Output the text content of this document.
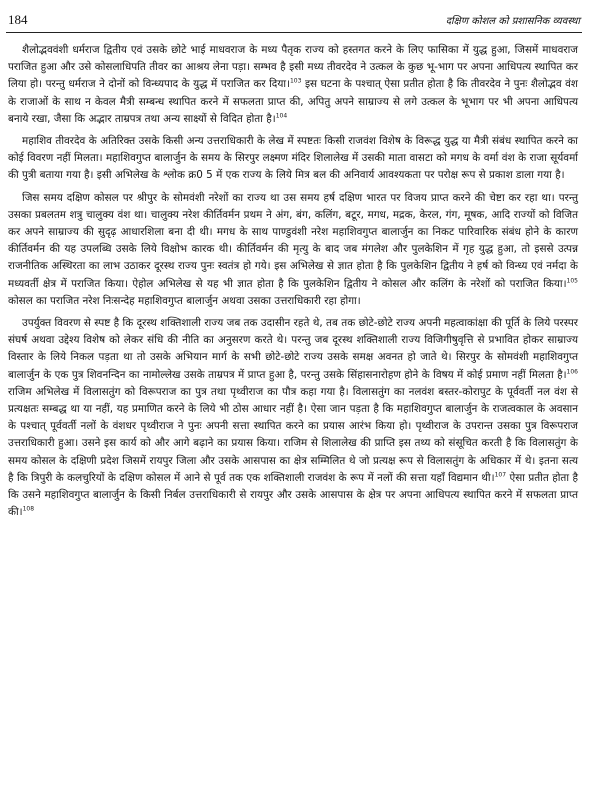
184	दक्षिण कोशल को प्रशासनिक व्यवस्था

शैलोद्भववंशी धर्मराज द्वितीय एवं उसके छोटे भाई माधवराज के मध्य पैतृक राज्य को हस्तगत करने के लिए फासिका में युद्ध हुआ, जिसमें माधवराज पराजित हुआ और उसे कोसलाधिपति तीवर का आश्रय लेना पड़ा। सम्भव है इसी मध्य तीवरदेव ने उत्कल के कुछ भू-भाग पर अपना आधिपत्य स्थापित कर लिया हो। परन्तु धर्मराज ने दोनों को विन्ध्यपाद के युद्ध में पराजित कर दिया।$^{103}$ इस घटना के पश्चात् ऐसा प्रतीत होता है कि तीवरदेव ने पुनः शैलोद्भव वंश के राजाओं के साथ न केवल मैत्री सम्बन्ध स्थापित करने में सफलता प्राप्त की, अपितु अपने साम्राज्य से लगे उत्कल के भूभाग पर भी अपना आधिपत्य बनाये रखा, जैसा कि अद्भार ताम्रपत्र तथा अन्य साक्ष्यों से विदित होता है।$^{104}$

महाशिव तीवरदेव के अतिरिक्त उसके किसी अन्य उत्तराधिकारी के लेख में स्पष्टतः किसी राजवंश विशेष के विरूद्ध युद्ध या मैत्री संबंध स्थापित करने का कोई विवरण नहीं मिलता। महाशिवगुप्त बालार्जुन के समय के सिरपुर लक्ष्मण मंदिर शिलालेख में उसकी माता वासटा को मगध के वर्मा वंश के राजा सूर्यवर्मा की पुत्री बताया गया है। इसी अभिलेख के श्लोक क्र0 5 में एक राज्य के लिये मित्र बल की अनिवार्य आवश्यकता पर परोक्ष रूप से प्रकाश डाला गया है।

जिस समय दक्षिण कोसल पर श्रीपुर के सोमवंशी नरेशों का राज्य था उस समय हर्ष दक्षिण भारत पर विजय प्राप्त करने की चेष्टा कर रहा था। परन्तु उसका प्रबलतम शत्रु चालुक्य वंश था। चालुक्य नरेश कीर्तिवर्मन प्रथम ने अंग, बंग, कलिंग, बटूर, मगध, मद्रक, केरल, गंग, मूषक, आदि राज्यों को विजित कर अपने साम्राज्य की सुदृढ़ आधारशिला बना दी थी। मगध के साथ पाण्डुवंशी नरेश महाशिवगुप्त बालार्जुन का निकट पारिवारिक संबंध होने के कारण कीर्तिवर्मन की यह उपलब्धि उसके लिये विक्षोभ कारक थी। कीर्तिवर्मन की मृत्यु के बाद जब मंगलेश और पुलकेशिन में गृह युद्ध हुआ, तो इससे उत्पन्न राजनीतिक अस्थिरता का लाभ उठाकर दूरस्थ राज्य पुनः स्वतंत्र हो गये। इस अभिलेख से ज्ञात होता है कि पुलकेशिन द्वितीय ने हर्ष को विन्ध्य एवं नर्मदा के मध्यवर्ती क्षेत्र में पराजित किया। ऐहोल अभिलेख से यह भी ज्ञात होता है कि पुलकेशिन द्वितीय ने कोसल और कलिंग के नरेशों को पराजित किया।$^{105}$ कोसल का पराजित नरेश निःसन्देह महाशिवगुप्त बालार्जुन अथवा उसका उत्तराधिकारी रहा होगा।

उपर्युक्त विवरण से स्पष्ट है कि दूरस्थ शक्तिशाली राज्य जब तक उदासीन रहते थे, तब तक छोटे-छोटे राज्य अपनी महत्वाकांक्षा की पूर्ति के लिये परस्पर संघर्ष अथवा उद्देश्य विशेष को लेकर संधि की नीति का अनुसरण करते थे। परन्तु जब दूरस्थ शक्तिशाली राज्य विजिगीषुवृत्ति से प्रभावित होकर साम्राज्य विस्तार के लिये निकल पड़ता था तो उसके अभियान मार्ग के सभी छोटे-छोटे राज्य उसके समक्ष अवनत हो जाते थे। सिरपुर के सोमवंशी महाशिवगुप्त बालार्जुन के एक पुत्र शिवनन्दिन का नामोल्लेख उसके ताम्रपत्र में प्राप्त हुआ है, परन्तु उसके सिंहासनारोहण होने के विषय में कोई प्रमाण नहीं मिलता है।$^{106}$ राजिम अभिलेख में विलासतुंग को विरूपराज का पुत्र तथा पृथ्वीराज का पौत्र कहा गया है। विलासतुंग का नलवंश बस्तर-कोरापुट के पूर्ववर्ती नल वंश से प्रत्यक्षतः सम्बद्ध था या नहीं, यह प्रमाणित करने के लिये भी ठोस आधार नहीं है। ऐसा जान पड़ता है कि महाशिवगुप्त बालार्जुन के राजत्वकाल के अवसान के पश्चात् पूर्ववर्ती नलों के वंशधर पृथ्वीराज ने पुनः अपनी सत्ता स्थापित करने का प्रयास आरंभ किया हो। पृथ्वीराज के उपरान्त उसका पुत्र विरूपराज उत्तराधिकारी हुआ। उसने इस कार्य को और आगे बढ़ाने का प्रयास किया। राजिम से शिलालेख की प्राप्ति इस तथ्य को संसूचित करती है कि विलासतुंग के समय कोसल के दक्षिणी प्रदेश जिसमें रायपुर जिला और उसके आसपास का क्षेत्र सम्मिलित थे जो प्रत्यक्ष रूप से विलासतुंग के अधिकार में थे। इतना सत्य है कि त्रिपुरी के कलचुरियों के दक्षिण कोसल में आने से पूर्व तक एक शक्तिशाली राजवंश के रूप में नलों की सत्ता यहाँ विद्यमान थी।$^{107}$ ऐसा प्रतीत होता है कि उसने महाशिवगुप्त बालार्जुन के किसी निर्बल उत्तराधिकारी से रायपुर और उसके आसपास के क्षेत्र पर अपना आधिपत्य स्थापित करने में सफलता प्राप्त की।$^{108}$
